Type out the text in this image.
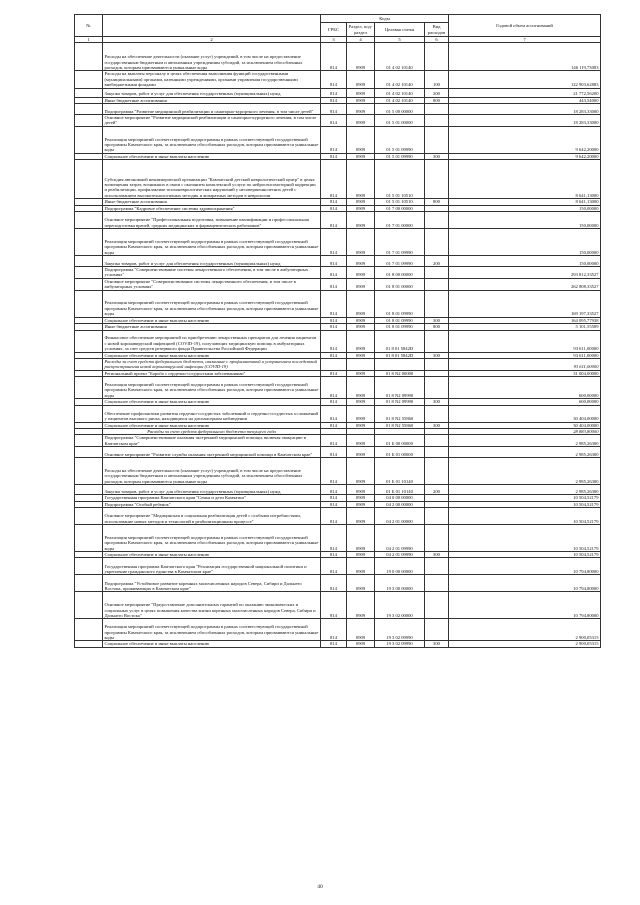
№		Коды				Годовой объем ассигнований
		ГРБС	Раздел, под-раздел	Целевая статья	Вид расходов	
1	2	3	4	5	6	7
	Расходы на обеспечение деятельности (оказание услуг) учреждений, в том числе на предоставление государственным бюджетным и автономным учреждениям субсидий, за исключением обособленных расходов, которым присваиваются уникальные коды	814	0909	01 4 02 10140		146 119,73083
	Расходы на выплаты персоналу в целях обеспечения выполнения функций государственными (муниципальными) органами, казенными учреждениями, органами управления государственными внебюджетными фондами	814	0909	01 4 02 10140	100	122 903,62883
	Закупка товаров, работ и услуг для обеспечения государственных (муниципальных) нужд	814	0909	01 4 02 10140	200	21 772,56200
	Иные бюджетные ассигнования	814	0909	01 4 02 10140	800	443,54000
	Подпрограмма "Развитие медицинской реабилитации и санаторно-курортного лечения, в том числе детей"	814	0909	01 5 00 00000		18 283,33000
	Основное мероприятие "Развитие медицинской реабилитации и санаторно-курортного лечения, в том числе детей"	814	0909	01 5 01 00000		18 283,33000
	Реализация мероприятий соответствующей подпрограммы в рамках соответствующей государственной программы Камчатского края, за исключением обособленных расходов, которым присваиваются уникальные коды	814	0909	01 5 01 09990		9 642,20000
	Социальное обеспечение и иные выплаты населению	814	0909	01 5 01 09990	300	9 642,20000
	Субсидия автономной некоммерческой организации "Камчатский детский неврологический центр" в целях возмещения затрат, возникших в связи с оказанием комплексной услуги по нейросенсомоторной коррекции и реабилитации, профилактике психоневрологических нарушений у несовершеннолетних детей с использованием высокотехнологичных методик и аппаратных методов в неврологии	814	0909	01 5 01 10510		8 641,13000
	Иные бюджетные ассигнования	814	0909	01 5 01 10510	800	8 641,13000
	Подпрограмма "Кадровое обеспечение системы здравоохранения"	814	0909	01 7 00 00000		150,00000
	Основное мероприятие "Профессиональная подготовка, повышение квалификации и профессиональная переподготовка врачей, средних медицинских и фармацевтических работников"	814	0909	01 7 01 00000		150,00000
	Реализация мероприятий соответствующей подпрограммы в рамках соответствующей государственной программы Камчатского края, за исключением обособленных расходов, которым присваиваются уникальные коды	814	0909	01 7 01 09990		150,00000
	Закупка товаров, работ и услуг для обеспечения государственных (муниципальных) нужд	814	0909	01 7 01 09990	200	150,00000
	Подпрограмма "Совершенствование системы лекарственного обеспечения, в том числе в амбулаторных условиях"	814	0909	01 8 00 00000		293 812,33527
	Основное мероприятие "Совершенствование системы лекарственного обеспечения, в том числе в амбулаторных условиях"	814	0909	01 8 01 00000		262 808,33527
	Реализация мероприятий соответствующей подпрограммы в рамках соответствующей государственной программы Камчатского края, за исключением обособленных расходов, которым присваиваются уникальные коды	814	0909	01 8 01 09990		169 197,33527
	Социальное обеспечение и иные выплаты населению	814	0909	01 8 01 09990	300	164 095,77938
	Иные бюджетные ассигнования	814	0909	01 8 01 09990	800	5 101,55589
	Финансовое обеспечение мероприятий по приобретению лекарственных препаратов для лечения пациентов с новой коронавирусной инфекцией (COVID-19), получающих медицинскую помощь в амбулаторных условиях, за счет средств резервного фонда Правительства Российской Федерации	814	0909	01 8 01 5842D		93 611,00000
	Социальное обеспечение и иные выплаты населению	814	0909	01 8 01 5842D	300	93 611,00000
	Расходы за счет средств федерального бюджета, связанные с профилактикой и устранением последствий распространения новой коронавирусной инфекции (COVID-19)					93 611,00000
	Региональный проект "Борьба с сердечно-сосудистыми заболеваниями"	814	0909	01 8 N2 00000		31 004,00000
	Реализация мероприятий соответствующей подпрограммы в рамках соответствующей государственной программы Камчатского края, за исключением обособленных расходов, которым присваиваются уникальные коды	814	0909	01 8 N2 09990		600,00000
	Социальное обеспечение и иные выплаты населению	814	0909	01 8 N2 09990	300	600,00000
	Обеспечение профилактики развития сердечно-сосудистых заболеваний и сердечно-сосудистых осложнений у пациентов высокого риска, находящихся на диспансерном наблюдении	814	0909	01 8 N2 55860		30 404,00000
	Социальное обеспечение и иные выплаты населению	814	0909	01 8 N2 55860	300	30 404,00000
	Расходы за счет средств федерального бюджета текущего года					28 883,80000
	Подпрограмма "Совершенствование оказания экстренной медицинской помощи, включая эвакуацию в Камчатском крае"	814	0909	01 Б 00 00000		2 985,26300
	Основное мероприятие "Развитие службы оказания экстренной медицинской помощи в Камчатском крае"	814	0909	01 Б 01 00000		2 985,26300
	Расходы на обеспечение деятельности (оказание услуг) учреждений, в том числе на предоставление государственным бюджетным и автономным учреждениям субсидий, за исключением обособленных расходов, которым присваиваются уникальные коды	814	0909	01 Б 01 10140		2 985,26300
	Закупка товаров, работ и услуг для обеспечения государственных (муниципальных) нужд	814	0909	01 Б 01 10140	200	2 985,26300
	Государственная программа Камчатского края "Семья и дети Камчатки"	814	0909	04 0 00 00000		10 504,52179
	Подпрограмма "Особый ребенок"	814	0909	04 2 00 00000		10 504,52179
	Основное мероприятие "Медицинская и социальная реабилитация детей с особыми потребностями, использование новых методов и технологий в реабилитационном процессе"	814	0909	04 2 01 00000		10 504,52179
	Реализация мероприятий соответствующей подпрограммы в рамках соответствующей государственной программы Камчатского края, за исключением обособленных расходов, которым присваиваются уникальные коды	814	0909	04 2 01 09990		10 504,52179
	Социальное обеспечение и иные выплаты населению	814	0909	04 2 01 09990	300	10 504,52179
	Государственная программа Камчатского края "Реализация государственной национальной политики и укрепление гражданского единства в Камчатском крае"	814	0909	19 0 00 00000		10 794,80000
	Подпрограмма "Устойчивое развитие коренных малочисленных народов Севера, Сибири и Дальнего Востока, проживающих в Камчатском крае"	814	0909	19 3 00 00000		10 794,80000
	Основное мероприятие "Предоставление дополнительных гарантий по оказанию экономических и социальных услуг в целях повышения качества жизни коренных малочисленных народов Севера, Сибири и Дальнего Востока"	814	0909	19 3 02 00000		10 794,80000
	Реализация мероприятий соответствующей подпрограммы в рамках соответствующей государственной программы Камчатского края, за исключением обособленных расходов, которым присваиваются уникальные коды	814	0909	19 3 02 09990		2 900,05315
	Социальное обеспечение и иные выплаты населению	814	0909	19 3 02 09990	300	2 900,05315
40
